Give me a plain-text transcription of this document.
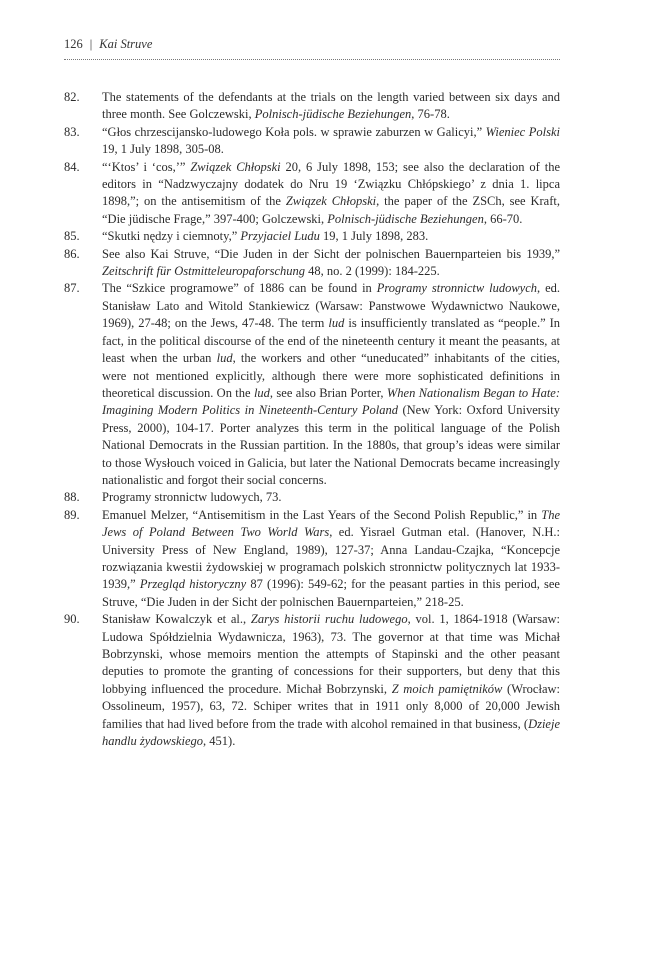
126 | Kai Struve
82.	The statements of the defendants at the trials on the length varied between six days and three month. See Golczewski, Polnisch-jüdische Beziehungen, 76-78.
83.	“Głos chrzescijansko-ludowego Koła pols. w sprawie zaburzen w Galicyi,” Wieniec Polski 19, 1 July 1898, 305-08.
84.	“‘Ktos’ i ‘cos,’” Związek Chłopski 20, 6 July 1898, 153; see also the declaration of the editors in “Nadzwyczajny dodatek do Nru 19 ‘Związku Chłópskiego’ z dnia 1. lipca 1898,”; on the antisemitism of the Związek Chłopski, the paper of the ZSCh, see Kraft, “Die jüdische Frage,” 397-400; Golczewski, Polnisch-jüdische Beziehungen, 66-70.
85.	“Skutki nędzy i ciemnoty,” Przyjaciel Ludu 19, 1 July 1898, 283.
86.	See also Kai Struve, “Die Juden in der Sicht der polnischen Bauernparteien bis 1939,” Zeitschrift für Ostmitteleuropaforschung 48, no. 2 (1999): 184-225.
87.	The “Szkice programowe” of 1886 can be found in Programy stronnictw ludowych, ed. Stanisław Lato and Witold Stankiewicz (Warsaw: Panstwowe Wydawnictwo Naukowe, 1969), 27-48; on the Jews, 47-48. The term lud is insufficiently translated as “people.” In fact, in the political discourse of the end of the nineteenth century it meant the peasants, at least when the urban lud, the workers and other “uneducated” inhabitants of the cities, were not mentioned explicitly, although there were more sophisticated definitions in theoretical discussion. On the lud, see also Brian Porter, When Nationalism Began to Hate: Imagining Modern Politics in Nineteenth-Century Poland (New York: Oxford University Press, 2000), 104-17. Porter analyzes this term in the political language of the Polish National Democrats in the Russian partition. In the 1880s, that group’s ideas were similar to those Wysłouch voiced in Galicia, but later the National Democrats became increasingly nationalistic and forgot their social concerns.
88.	Programy stronnictw ludowych, 73.
89.	Emanuel Melzer, “Antisemitism in the Last Years of the Second Polish Republic,” in The Jews of Poland Between Two World Wars, ed. Yisrael Gutman etal. (Hanover, N.H.: University Press of New England, 1989), 127-37; Anna Landau-Czajka, “Koncepcje rozwiązania kwestii żydowskiej w programach polskich stronnictw politycznych lat 1933-1939,” Przegląd historyczny 87 (1996): 549-62; for the peasant parties in this period, see Struve, “Die Juden in der Sicht der polnischen Bauernparteien,” 218-25.
90.	Stanisław Kowalczyk et al., Zarys historii ruchu ludowego, vol. 1, 1864-1918 (Warsaw: Ludowa Spółdzielnia Wydawnicza, 1963), 73. The governor at that time was Michał Bobrzynski, whose memoirs mention the attempts of Stapinski and the other peasant deputies to promote the granting of concessions for their supporters, but deny that this lobbying influenced the procedure. Michał Bobrzynski, Z moich pamiętników (Wrocław: Ossolineum, 1957), 63, 72. Schiper writes that in 1911 only 8,000 of 20,000 Jewish families that had lived before from the trade with alcohol remained in that business, (Dzieje handlu żydowskiego, 451).
